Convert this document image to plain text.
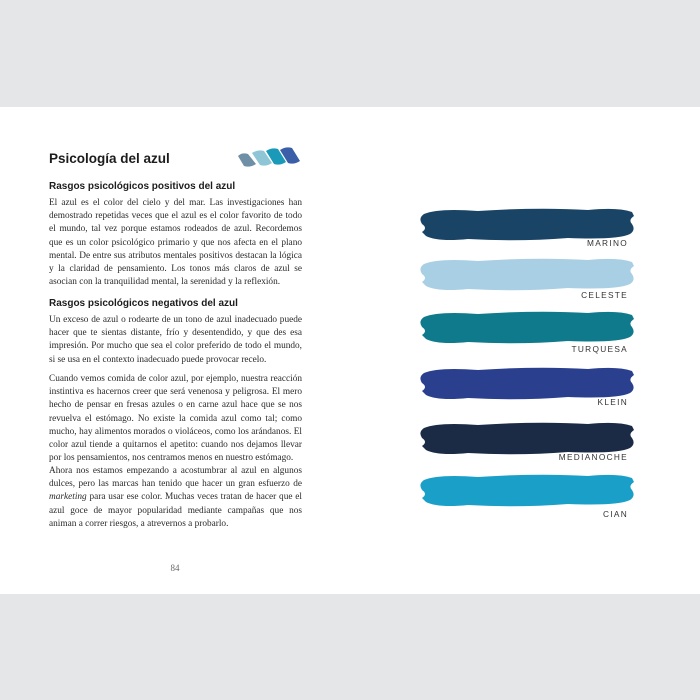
Psicología del azul
Rasgos psicológicos positivos del azul

El azul es el color del cielo y del mar. Las investigaciones han demostrado repetidas veces que el azul es el color favorito de todo el mundo, tal vez porque estamos rodeados de azul. Recordemos que es un color psicológico primario y que nos afecta en el plano mental. De entre sus atributos mentales positivos destacan la lógica y la claridad de pensamiento. Los tonos más claros de azul se asocian con la tranquilidad mental, la serenidad y la reflexión.

Rasgos psicológicos negativos del azul

Un exceso de azul o rodearte de un tono de azul inadecuado puede hacer que te sientas distante, frío y desentendido, y que des esa impresión. Por mucho que sea el color preferido de todo el mundo, si se usa en el contexto inadecuado puede provocar recelo.

Cuando vemos comida de color azul, por ejemplo, nuestra reacción instintiva es hacernos creer que será venenosa y peligrosa. El mero hecho de pensar en fresas azules o en carne azul hace que se nos revuelva el estómago. No existe la comida azul como tal; como mucho, hay alimentos morados o violáceos, como los arándanos. El color azul tiende a quitarnos el apetito: cuando nos dejamos llevar por los pensamientos, nos centramos menos en nuestro estómago.

Ahora nos estamos empezando a acostumbrar al azul en algunos dulces, pero las marcas han tenido que hacer un gran esfuerzo de marketing para usar ese color. Muchas veces tratan de hacer que el azul goce de mayor popularidad mediante campañas que nos animan a correr riesgos, a atrevernos a probarlo.

84
MARINO
CELESTE
TURQUESA
KLEIN
MEDIANOCHE
CIAN
